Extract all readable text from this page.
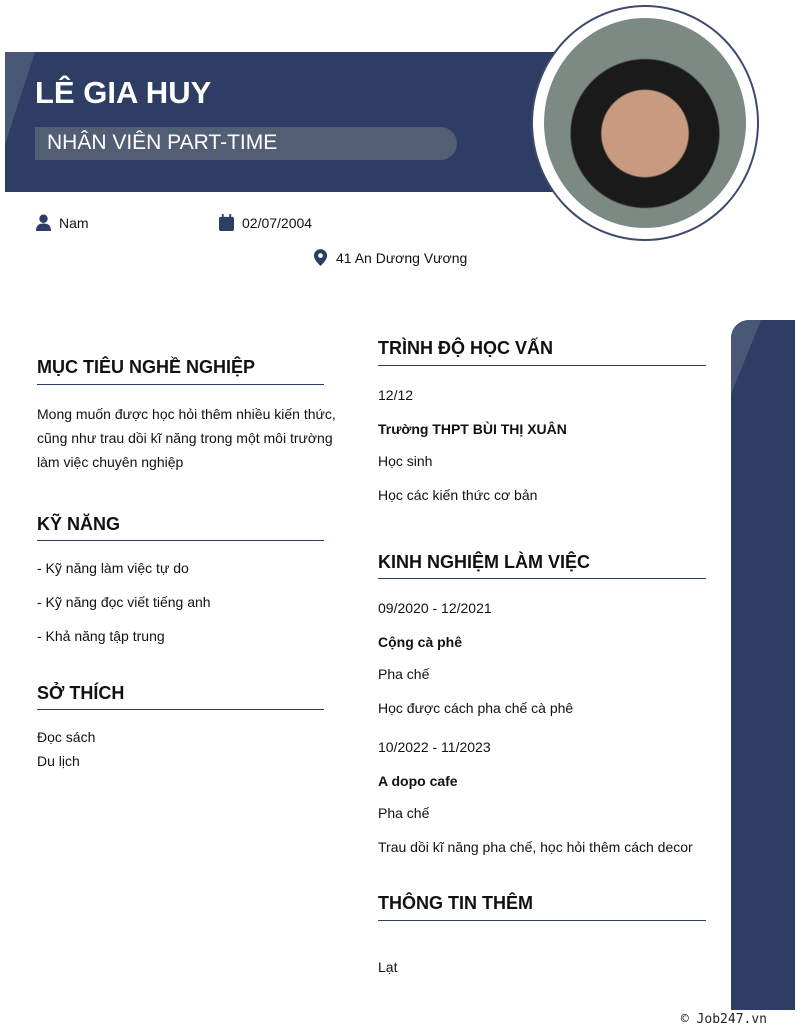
LÊ GIA HUY
NHÂN VIÊN PART-TIME
Nam	02/07/2004
41 An Dương Vương
MỤC TIÊU NGHỀ NGHIỆP
Mong muốn được học hỏi thêm nhiều kiến thức,
cũng như trau dồi kĩ năng trong một môi trường
làm việc chuyên nghiệp
KỸ NĂNG
- Kỹ năng làm việc tự do
- Kỹ năng đọc viết tiếng anh
- Khả năng tập trung
SỞ THÍCH
Đọc sách
Du lịch
TRÌNH ĐỘ HỌC VẤN
12/12
Trường THPT BÙI THỊ XUÂN
Học sinh
Học các kiến thức cơ bản
KINH NGHIỆM LÀM VIỆC
09/2020 - 12/2021
Cộng cà phê
Pha chế
Học được cách pha chế cà phê
10/2022 - 11/2023
A dopo cafe
Pha chế
Trau dồi kĩ năng pha chế, học hỏi thêm cách decor
THÔNG TIN THÊM
Lạt
© Job247.vn
